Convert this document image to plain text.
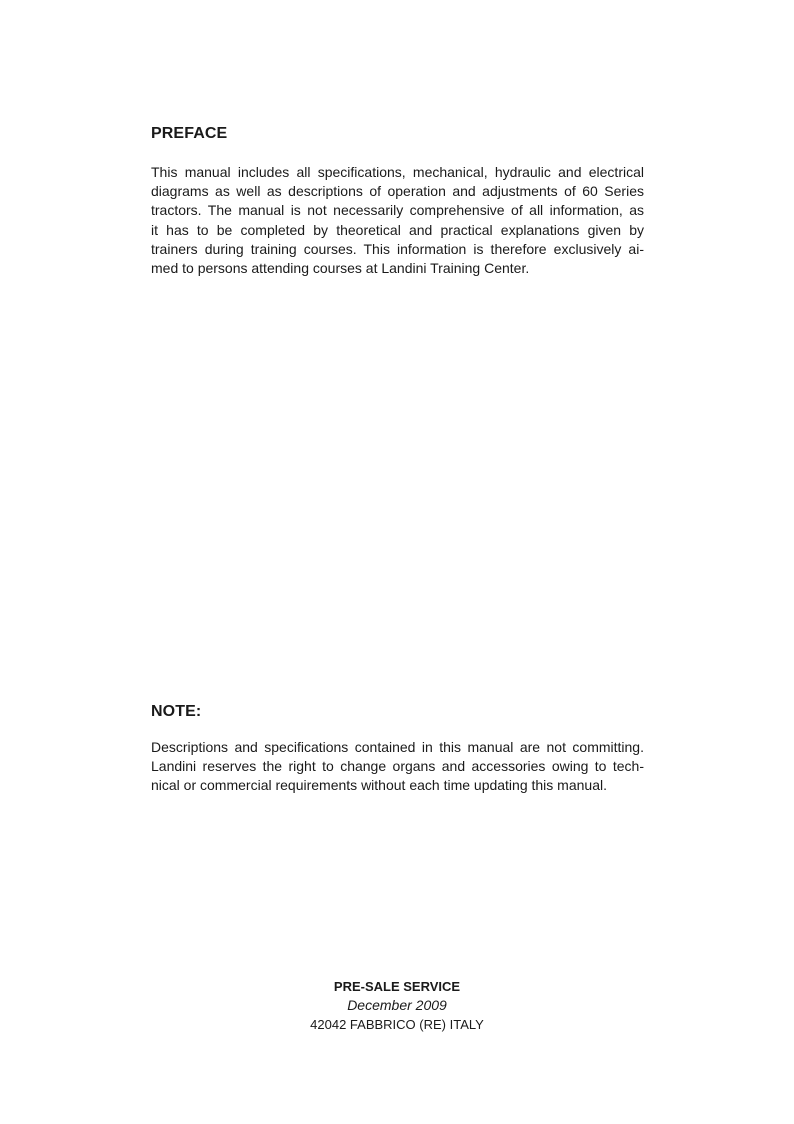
PREFACE

This manual includes all specifications, mechanical, hydraulic and electrical
diagrams as well as descriptions of operation and adjustments of 60 Series
tractors. The manual is not necessarily comprehensive of all information, as
it has to be completed by theoretical and practical explanations given by
trainers during training courses. This information is therefore exclusively ai-
med to persons attending courses at Landini Training Center.

NOTE:

Descriptions and specifications contained in this manual are not committing.
Landini reserves the right to change organs and accessories owing to tech-
nical or commercial requirements without each time updating this manual.

PRE-SALE SERVICE
December 2009
42042 FABBRICO (RE) ITALY
